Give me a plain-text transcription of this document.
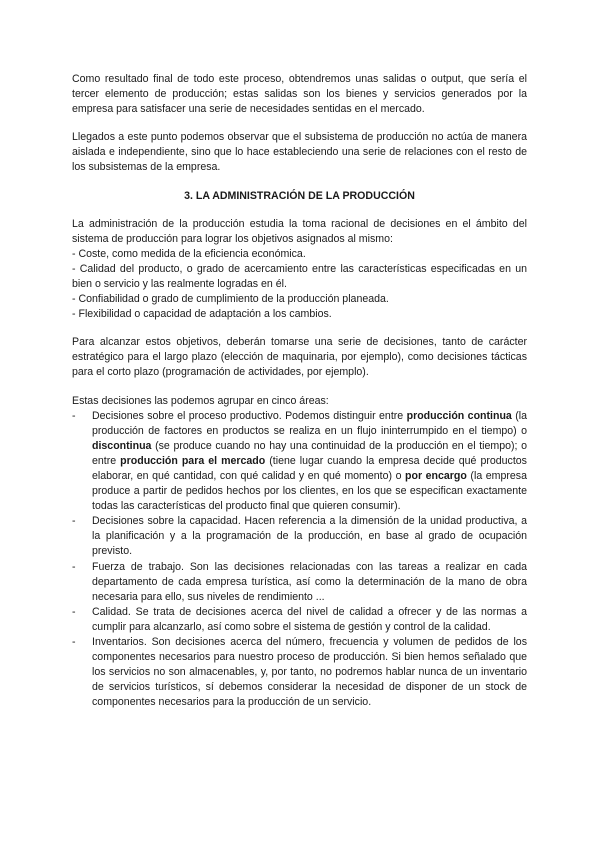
Como resultado final de todo este proceso, obtendremos unas salidas o output, que sería el tercer elemento de producción; estas salidas son los bienes y servicios generados por la empresa para satisfacer una serie de necesidades sentidas en el mercado.

Llegados a este punto podemos observar que el subsistema de producción no actúa de manera aislada e independiente, sino que lo hace estableciendo una serie de relaciones con el resto de los subsistemas de la empresa.

3. LA ADMINISTRACIÓN DE LA PRODUCCIÓN

La administración de la producción estudia la toma racional de decisiones en el ámbito del sistema de producción para lograr los objetivos asignados al mismo:

- Coste, como medida de la eficiencia económica.

- Calidad del producto, o grado de acercamiento entre las características especificadas en un bien o servicio y las realmente logradas en él.

- Confiabilidad o grado de cumplimiento de la producción planeada.

- Flexibilidad o capacidad de adaptación a los cambios.

Para alcanzar estos objetivos, deberán tomarse una serie de decisiones, tanto de carácter estratégico para el largo plazo (elección de maquinaria, por ejemplo), como decisiones tácticas para el corto plazo (programación de actividades, por ejemplo).

Estas decisiones las podemos agrupar en cinco áreas:

- Decisiones sobre el proceso productivo. Podemos distinguir entre producción continua (la producción de factores en productos se realiza en un flujo ininterrumpido en el tiempo) o discontinua (se produce cuando no hay una continuidad de la producción en el tiempo); o entre producción para el mercado (tiene lugar cuando la empresa decide qué productos elaborar, en qué cantidad, con qué calidad y en qué momento) o por encargo (la empresa produce a partir de pedidos hechos por los clientes, en los que se especifican exactamente todas las características del producto final que quieren consumir).
- Decisiones sobre la capacidad. Hacen referencia a la dimensión de la unidad productiva, a la planificación y a la programación de la producción, en base al grado de ocupación previsto.
- Fuerza de trabajo. Son las decisiones relacionadas con las tareas a realizar en cada departamento de cada empresa turística, así como la determinación de la mano de obra necesaria para ello, sus niveles de rendimiento ...
- Calidad. Se trata de decisiones acerca del nivel de calidad a ofrecer y de las normas a cumplir para alcanzarlo, así como sobre el sistema de gestión y control de la calidad.
- Inventarios. Son decisiones acerca del número, frecuencia y volumen de pedidos de los componentes necesarios para nuestro proceso de producción. Si bien hemos señalado que los servicios no son almacenables, y, por tanto, no podremos hablar nunca de un inventario de servicios turísticos, sí debemos considerar la necesidad de disponer de un stock de componentes necesarios para la producción de un servicio.
